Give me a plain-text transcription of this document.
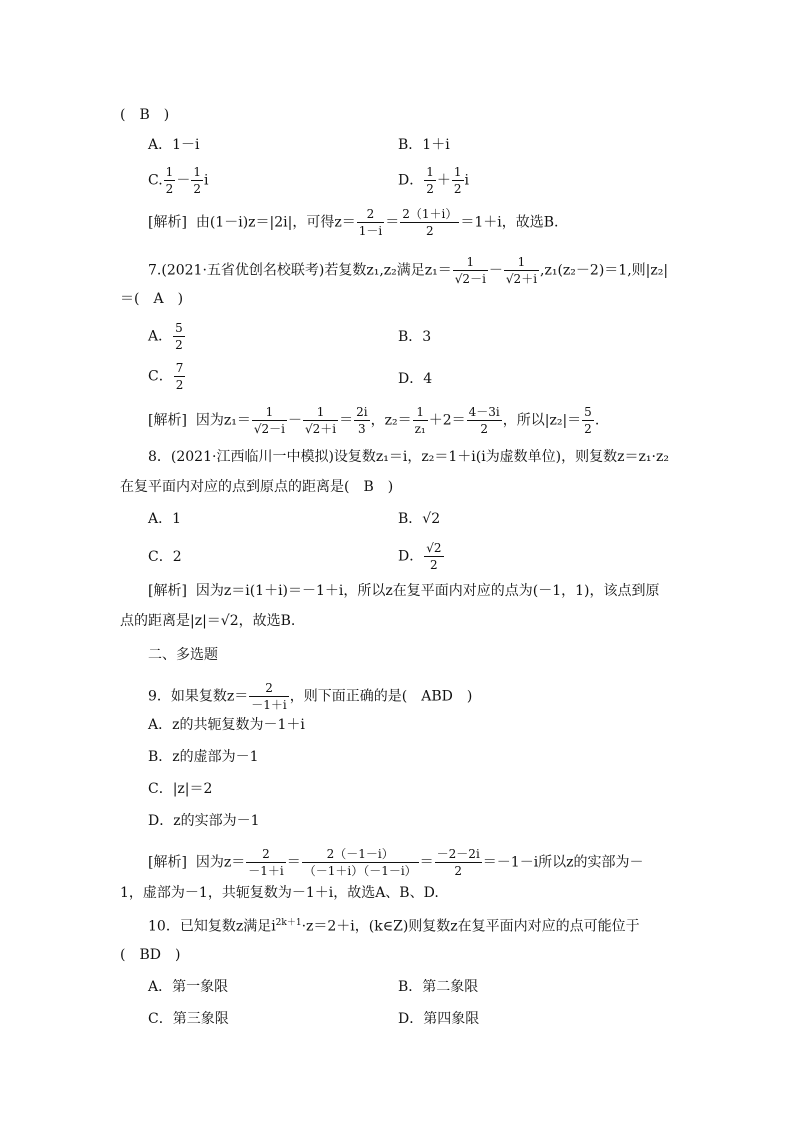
(　B　)
A．1－i	B．1＋i
C. $\frac{1}{2} - \frac{1}{2}$ i	D． $\frac{1}{2} + \frac{1}{2}$ i
[解析] 由(1－i)z＝|2i|，可得$z= \frac{2}{1-i} = \frac{2(1+i)}{2} =1+i$，故选B.
7.(2021·五省优创名校联考)若复数z₁,z₂满足$z_1= \frac{1}{√2-i} - \frac{1}{√2+i} ,z_1(z_2-2)=1$,则|z₂|
＝(　A　)
A． $\frac{5}{2}$	B．3
C． $\frac{7}{2}$	D．4
[解析] 因为$z_1= \frac{1}{√2-i} - \frac{1}{√2+i} = \frac{2i}{3}$ ，$z_2= \frac{1}{\text{z₁}} +2= \frac{4-3i}{2}$ ，所以$|z_2|= \frac{5}{2}$ .
8．(2021·江西临川一中模拟)设复数z₁＝i，z₂＝1＋i(i为虚数单位)，则复数z＝z₁·z₂
在复平面内对应的点到原点的距离是(　B　)
A．1	B．√2
C．2	D． $\frac{√2}{2}$
[解析] 因为z＝i(1＋i)＝－1＋i，所以z在复平面内对应的点为(－1，1)，该点到原
点的距离是|z|＝√2，故选B.
二、多选题
9．如果复数$z= \frac{2}{-1+i}$ ，则下面正确的是(　ABD　)
A．z的共轭复数为－1＋i
B．z的虚部为－1
C．|z|＝2
D．z的实部为－1
[解析] 因为$z= \frac{2}{-1+i} = \frac{2(-1-i)}{(-1+i)(-1-i)} = \frac{-2-2i}{2} =-1-i$所以z的实部为－
1，虚部为－1，共轭复数为－1＋i，故选A、B、D.
10．已知复数z满足$i^{2k+1}\cdot z=2+i$，(k∈Z)则复数z在复平面内对应的点可能位于
(　BD　)
A．第一象限	B．第二象限
C．第三象限	D．第四象限
